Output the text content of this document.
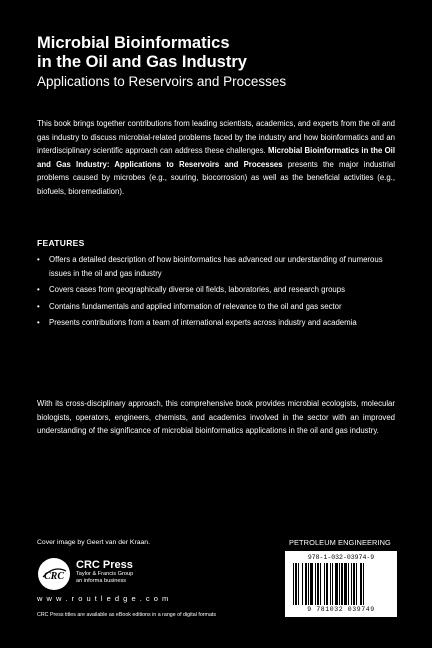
Microbial Bioinformatics
in the Oil and Gas Industry
Applications to Reservoirs and Processes

This book brings together contributions from leading scientists, academics, and experts from the oil and gas industry to discuss microbial-related problems faced by the industry and how bioinformatics and an interdisciplinary scientific approach can address these challenges. Microbial Bioinformatics in the Oil and Gas Industry: Applications to Reservoirs and Processes presents the major industrial problems caused by microbes (e.g., souring, biocorrosion) as well as the beneficial activities (e.g., biofuels, bioremediation).

FEATURES

• Offers a detailed description of how bioinformatics has advanced our understanding of numerous issues in the oil and gas industry
• Covers cases from geographically diverse oil fields, laboratories, and research groups
• Contains fundamentals and applied information of relevance to the oil and gas sector
• Presents contributions from a team of international experts across industry and academia

With its cross-disciplinary approach, this comprehensive book provides microbial ecologists, molecular biologists, operators, engineers, chemists, and academics involved in the sector with an improved understanding of the significance of microbial bioinformatics applications in the oil and gas industry.

Cover image by Geert van der Kraan.

CRC
CRC Press
Taylor & Francis Group
an informa business
w w w . r o u t l e d g e . c o m

CRC Press titles are available as eBook editions in a range of digital formats

PETROLEUM ENGINEERING

978-1-032-03974-9
9 781032 039749
